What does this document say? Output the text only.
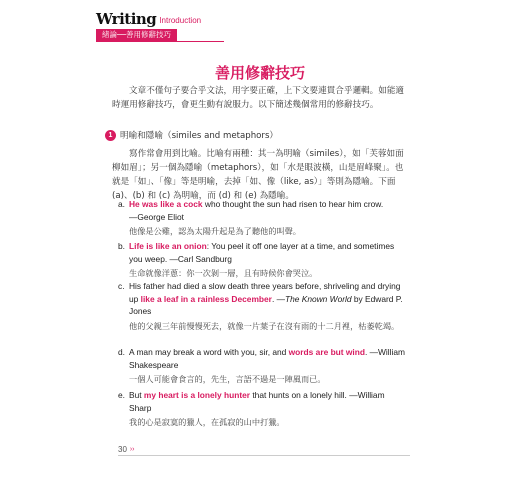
Writing Introduction
緒論──善用修辭技巧
善用修辭技巧
文章不僅句子要合乎文法，用字要正確，上下文要連貫合乎邏輯。如能適時運用修辭技巧，會更生動有說服力。以下簡述幾個常用的修辭技巧。
1 明喻和隱喻（similes and metaphors）
寫作常會用到比喻。比喻有兩種：其一為明喻（similes），如「芙蓉如面柳如眉」；另一個為隱喻（metaphors），如「水是眼波橫，山是眉峰聚」。也就是「如」、「像」等是明喻，去掉「如、像（like, as）」等則為隱喻。下面 (a)、(b) 和 (c) 為明喻，而 (d) 和 (e) 為隱喻。
a. He was like a cock who thought the sun had risen to hear him crow.
—George Eliot
他像是公雞，認為太陽升起是為了聽他的叫聲。
b. Life is like an onion: You peel it off one layer at a time, and sometimes you weep. —Carl Sandburg
生命就像洋蔥：你一次剝一層，且有時候你會哭泣。
c. His father had died a slow death three years before, shriveling and drying up like a leaf in a rainless December. —The Known World by Edward P. Jones
他的父親三年前慢慢死去，就像一片葉子在沒有雨的十二月裡，枯萎乾竭。
d. A man may break a word with you, sir, and words are but wind. —William Shakespeare
一個人可能會食言的，先生，言語不過是一陣風而已。
e. But my heart is a lonely hunter that hunts on a lonely hill. —William Sharp
我的心是寂寞的獵人，在孤寂的山中打獵。
30 › ›
